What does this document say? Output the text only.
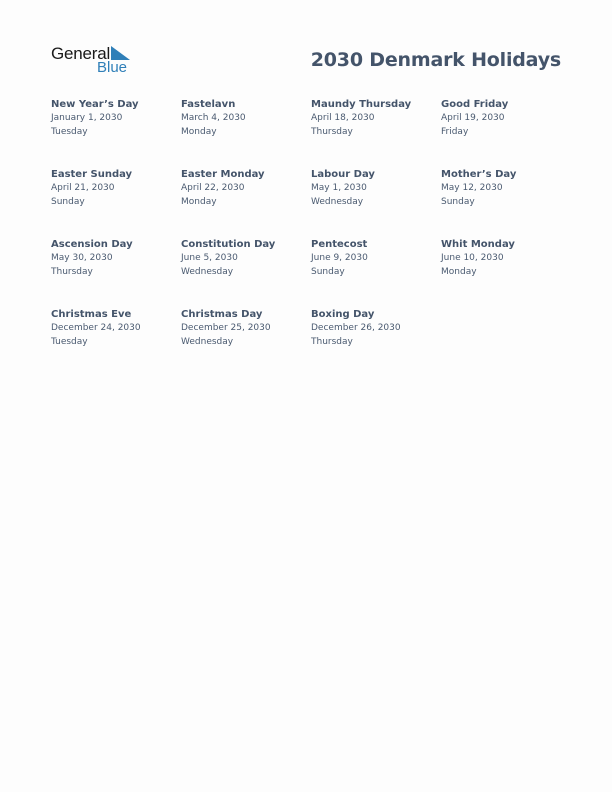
General
Blue	2030 Denmark Holidays
New Year’s Day
January 1, 2030
Tuesday
Fastelavn
March 4, 2030
Monday
Maundy Thursday
April 18, 2030
Thursday
Good Friday
April 19, 2030
Friday
Easter Sunday
April 21, 2030
Sunday
Easter Monday
April 22, 2030
Monday
Labour Day
May 1, 2030
Wednesday
Mother’s Day
May 12, 2030
Sunday
Ascension Day
May 30, 2030
Thursday
Constitution Day
June 5, 2030
Wednesday
Pentecost
June 9, 2030
Sunday
Whit Monday
June 10, 2030
Monday
Christmas Eve
December 24, 2030
Tuesday
Christmas Day
December 25, 2030
Wednesday
Boxing Day
December 26, 2030
Thursday
